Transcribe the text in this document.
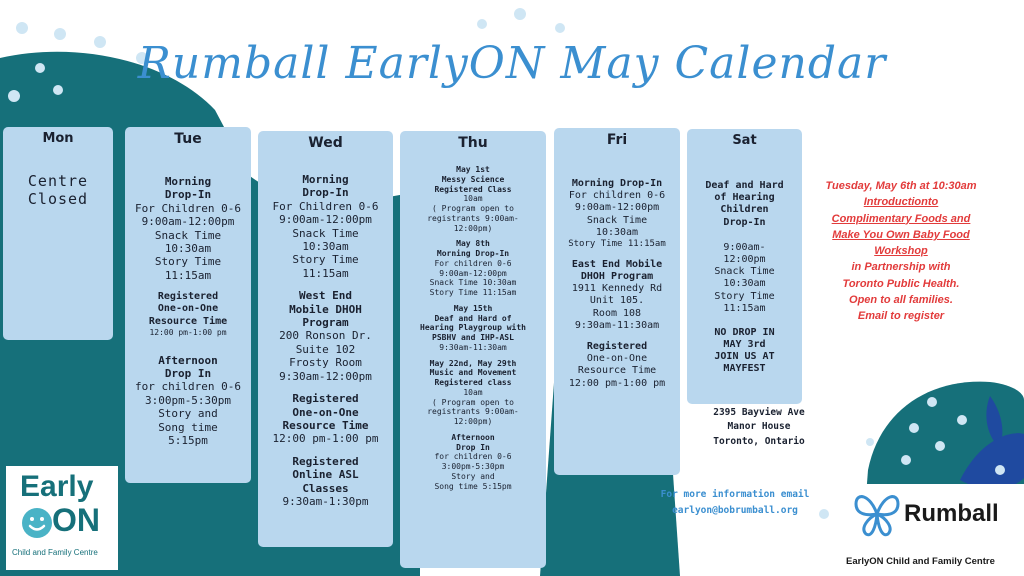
Rumball EarlyON May Calendar
Mon
Centre
Closed
Tue
Morning
Drop-In
For Children 0-6
9:00am-12:00pm
Snack Time
10:30am
Story Time
11:15am
Registered
One-on-One
Resource Time
12:00 pm-1:00 pm
Afternoon
Drop In
for children 0-6
3:00pm-5:30pm
Story and
Song time
5:15pm
Wed
Morning
Drop-In
For Children 0-6
9:00am-12:00pm
Snack Time
10:30am
Story Time
11:15am
West End
Mobile DHOH
Program
200 Ronson Dr.
Suite 102
Frosty Room
9:30am-12:00pm
Registered
One-on-One
Resource Time
12:00 pm-1:00 pm
Registered
Online ASL
Classes
9:30am-1:30pm
Thu
May 1st
Messy Science
Registered Class
10am
( Program open to
registrants 9:00am-
12:00pm)
May 8th
Morning Drop-In
For children 0-6
9:00am-12:00pm
Snack Time 10:30am
Story Time 11:15am
May 15th
Deaf and Hard of
Hearing Playgroup with
PSBHV and IHP-ASL
9:30am-11:30am
May 22nd, May 29th
Music and Movement
Registered class
10am
( Program open to
registrants 9:00am-
12:00pm)
Afternoon
Drop In
for children 0-6
3:00pm-5:30pm
Story and
Song time 5:15pm
Fri
Morning Drop-In
For children 0-6
9:00am-12:00pm
Snack Time
10:30am
Story Time 11:15am
East End Mobile
DHOH Program
1911 Kennedy Rd
Unit 105.
Room 108
9:30am-11:30am
Registered
One-on-One
Resource Time
12:00 pm-1:00 pm
Sat
Deaf and Hard
of Hearing
Children
Drop-In
9:00am-
12:00pm
Snack Time
10:30am
Story Time
11:15am
NO DROP IN
MAY 3rd
JOIN US AT
MAYFEST
2395 Bayview Ave
Manor House
Toronto, Ontario
Tuesday, May 6th at 10:30am
Introductionto
Complimentary Foods and
Make You Own Baby Food
Workshop
in Partnership with
Toronto Public Health.
Open to all families.
Email to register
For more information email
earlyon@bobrumball.org
Early
ON
Child and Family Centre
Rumball
EarlyON Child and Family Centre
